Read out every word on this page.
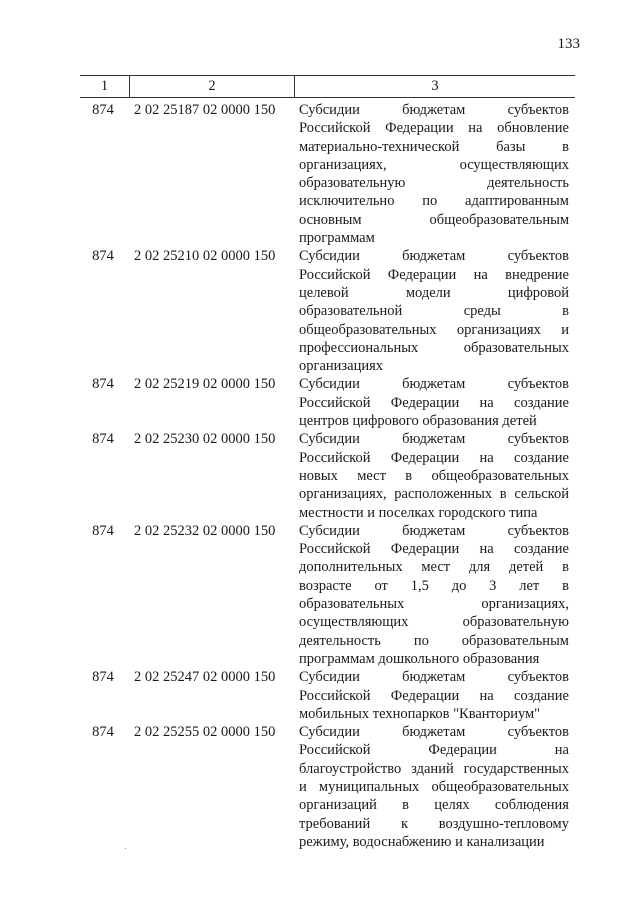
133
1	2	3
874	2 02 25187 02 0000 150	Субсидии	бюджетам	субъектов
Российской Федерации на обновление
материально-технической	базы	в
организациях,	осуществляющих
образовательную	деятельность
исключительно по адаптированным
основным	общеобразовательным
программам
874	2 02 25210 02 0000 150	Субсидии	бюджетам	субъектов
Российской Федерации на внедрение
целевой	модели	цифровой
образовательной	среды	в
общеобразовательных организациях и
профессиональных	образовательных
организациях
874	2 02 25219 02 0000 150	Субсидии	бюджетам	субъектов
Российской Федерации на создание
центров цифрового образования детей
874	2 02 25230 02 0000 150	Субсидии	бюджетам	субъектов
Российской Федерации на создание
новых мест в общеобразовательных
организациях, расположенных в сельской
местности и поселках городского типа
874	2 02 25232 02 0000 150	Субсидии	бюджетам	субъектов
Российской Федерации на создание
дополнительных мест для детей в
возрасте от 1,5 до 3 лет в
образовательных	организациях,
осуществляющих	образовательную
деятельность по образовательным
программам дошкольного образования
874	2 02 25247 02 0000 150	Субсидии	бюджетам	субъектов
Российской Федерации на создание
мобильных технопарков "Кванториум"
874	2 02 25255 02 0000 150	Субсидии	бюджетам	субъектов
Российской	Федерации	на
благоустройство зданий государственных
и муниципальных общеобразовательных
организаций в целях соблюдения
требований к воздушно-тепловому
режиму, водоснабжению и канализации
